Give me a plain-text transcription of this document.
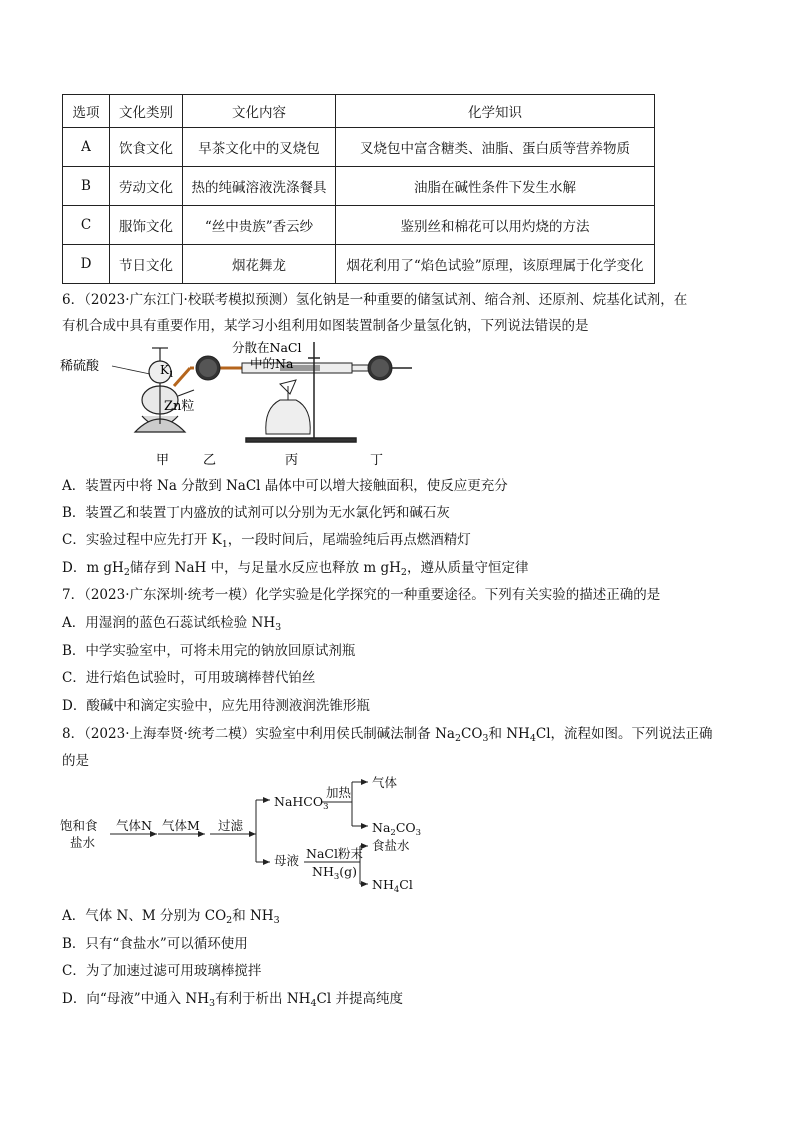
选项	文化类别	文化内容	化学知识
A	饮食文化	早茶文化中的叉烧包	叉烧包中富含糖类、油脂、蛋白质等营养物质
B	劳动文化	热的纯碱溶液洗涤餐具	油脂在碱性条件下发生水解
C	服饰文化	“丝中贵族”香云纱	鉴别丝和棉花可以用灼烧的方法
D	节日文化	烟花舞龙	烟花利用了“焰色试验”原理，该原理属于化学变化
6．（2023·广东江门·校联考模拟预测）氢化钠是一种重要的储氢试剂、缩合剂、还原剂、烷基化试剂，在
有机合成中具有重要作用，某学习小组利用如图装置制备少量氢化钠，下列说法错误的是
稀硫酸	$K_1$
Zn粒
分散在NaCl
中的Na
甲	乙	丙	丁
A．装置丙中将 Na 分散到 NaCl 晶体中可以增大接触面积，使反应更充分
B．装置乙和装置丁内盛放的试剂可以分别为无水氯化钙和碱石灰
C．实验过程中应先打开 $K_1$，一段时间后，尾端验纯后再点燃酒精灯
D．m $gH_2$储存到 NaH 中，与足量水反应也释放 m $gH_2$，遵从质量守恒定律
7．（2023·广东深圳·统考一模）化学实验是化学探究的一种重要途径。下列有关实验的描述正确的是
A．用湿润的蓝色石蕊试纸检验 $NH_3$
B．中学实验室中，可将未用完的钠放回原试剂瓶
C．进行焰色试验时，可用玻璃棒替代铂丝
D．酸碱中和滴定实验中，应先用待测液润洗锥形瓶
8．（2023·上海奉贤·统考二模）实验室中利用侯氏制碱法制备 $Na_2CO_3$和 $NH_4Cl$，流程如图。下列说法正确
的是
饱和食
盐水
气体N 气体M 过滤
NaHCO$_3$
加热
气体
$Na_2CO_3$
母液 NaCl粉末
$NH_3(g)$
食盐水
$NH_4Cl$
A．气体 N、M 分别为 $CO_2$和 $NH_3$
B．只有“食盐水”可以循环使用
C．为了加速过滤可用玻璃棒搅拌
D．向“母液”中通入 $NH_3$有利于析出 $NH_4Cl$ 并提高纯度
